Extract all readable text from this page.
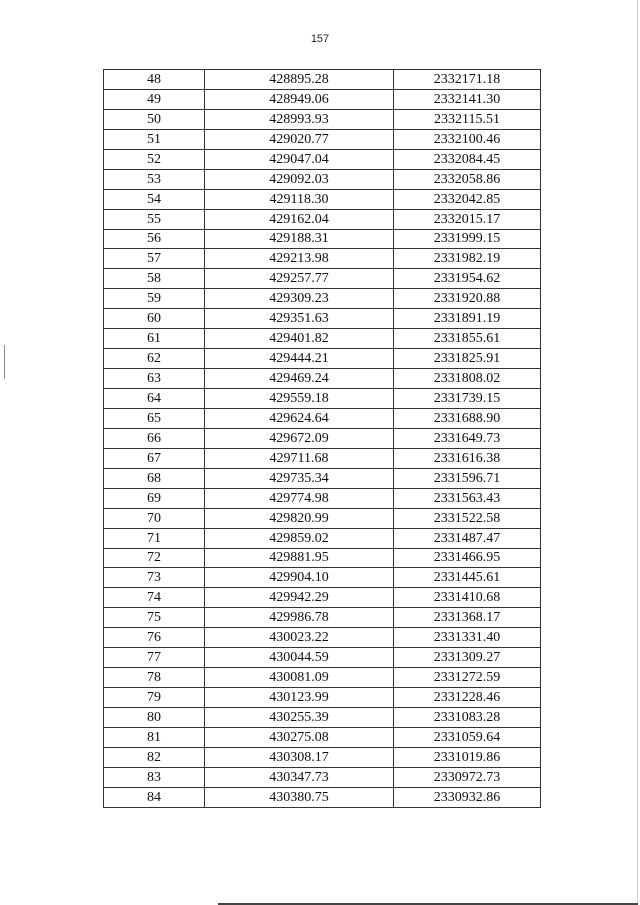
157
48	428895.28	2332171.18
49	428949.06	2332141.30
50	428993.93	2332115.51
51	429020.77	2332100.46
52	429047.04	2332084.45
53	429092.03	2332058.86
54	429118.30	2332042.85
55	429162.04	2332015.17
56	429188.31	2331999.15
57	429213.98	2331982.19
58	429257.77	2331954.62
59	429309.23	2331920.88
60	429351.63	2331891.19
61	429401.82	2331855.61
62	429444.21	2331825.91
63	429469.24	2331808.02
64	429559.18	2331739.15
65	429624.64	2331688.90
66	429672.09	2331649.73
67	429711.68	2331616.38
68	429735.34	2331596.71
69	429774.98	2331563.43
70	429820.99	2331522.58
71	429859.02	2331487.47
72	429881.95	2331466.95
73	429904.10	2331445.61
74	429942.29	2331410.68
75	429986.78	2331368.17
76	430023.22	2331331.40
77	430044.59	2331309.27
78	430081.09	2331272.59
79	430123.99	2331228.46
80	430255.39	2331083.28
81	430275.08	2331059.64
82	430308.17	2331019.86
83	430347.73	2330972.73
84	430380.75	2330932.86
